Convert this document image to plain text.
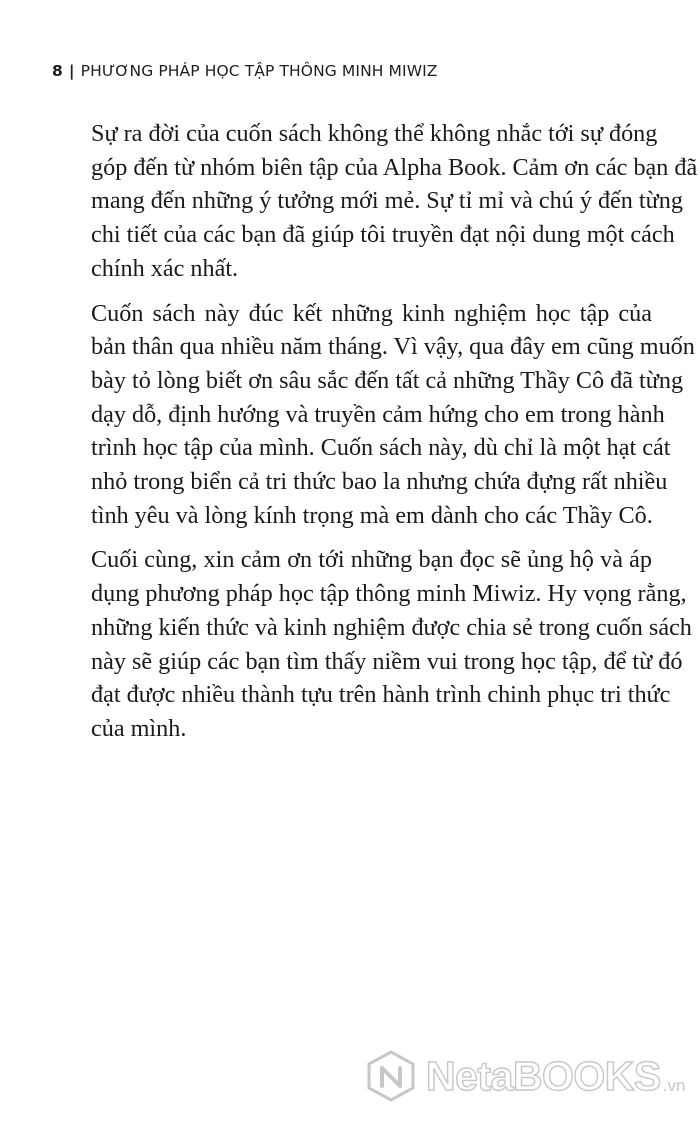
8 | PHƯƠNG PHÁP HỌC TẬP THÔNG MINH MIWIZ

Sự ra đời của cuốn sách không thể không nhắc tới sự đóng
góp đến từ nhóm biên tập của Alpha Book. Cảm ơn các bạn đã
mang đến những ý tưởng mới mẻ. Sự tỉ mỉ và chú ý đến từng
chi tiết của các bạn đã giúp tôi truyền đạt nội dung một cách
chính xác nhất.

Cuốn sách này đúc kết những kinh nghiệm học tập của
bản thân qua nhiều năm tháng. Vì vậy, qua đây em cũng muốn
bày tỏ lòng biết ơn sâu sắc đến tất cả những Thầy Cô đã từng
dạy dỗ, định hướng và truyền cảm hứng cho em trong hành
trình học tập của mình. Cuốn sách này, dù chỉ là một hạt cát
nhỏ trong biển cả tri thức bao la nhưng chứa đựng rất nhiều
tình yêu và lòng kính trọng mà em dành cho các Thầy Cô.

Cuối cùng, xin cảm ơn tới những bạn đọc sẽ ủng hộ và áp
dụng phương pháp học tập thông minh Miwiz. Hy vọng rằng,
những kiến thức và kinh nghiệm được chia sẻ trong cuốn sách
này sẽ giúp các bạn tìm thấy niềm vui trong học tập, để từ đó
đạt được nhiều thành tựu trên hành trình chinh phục tri thức
của mình.

NetaBOOKS .vn
